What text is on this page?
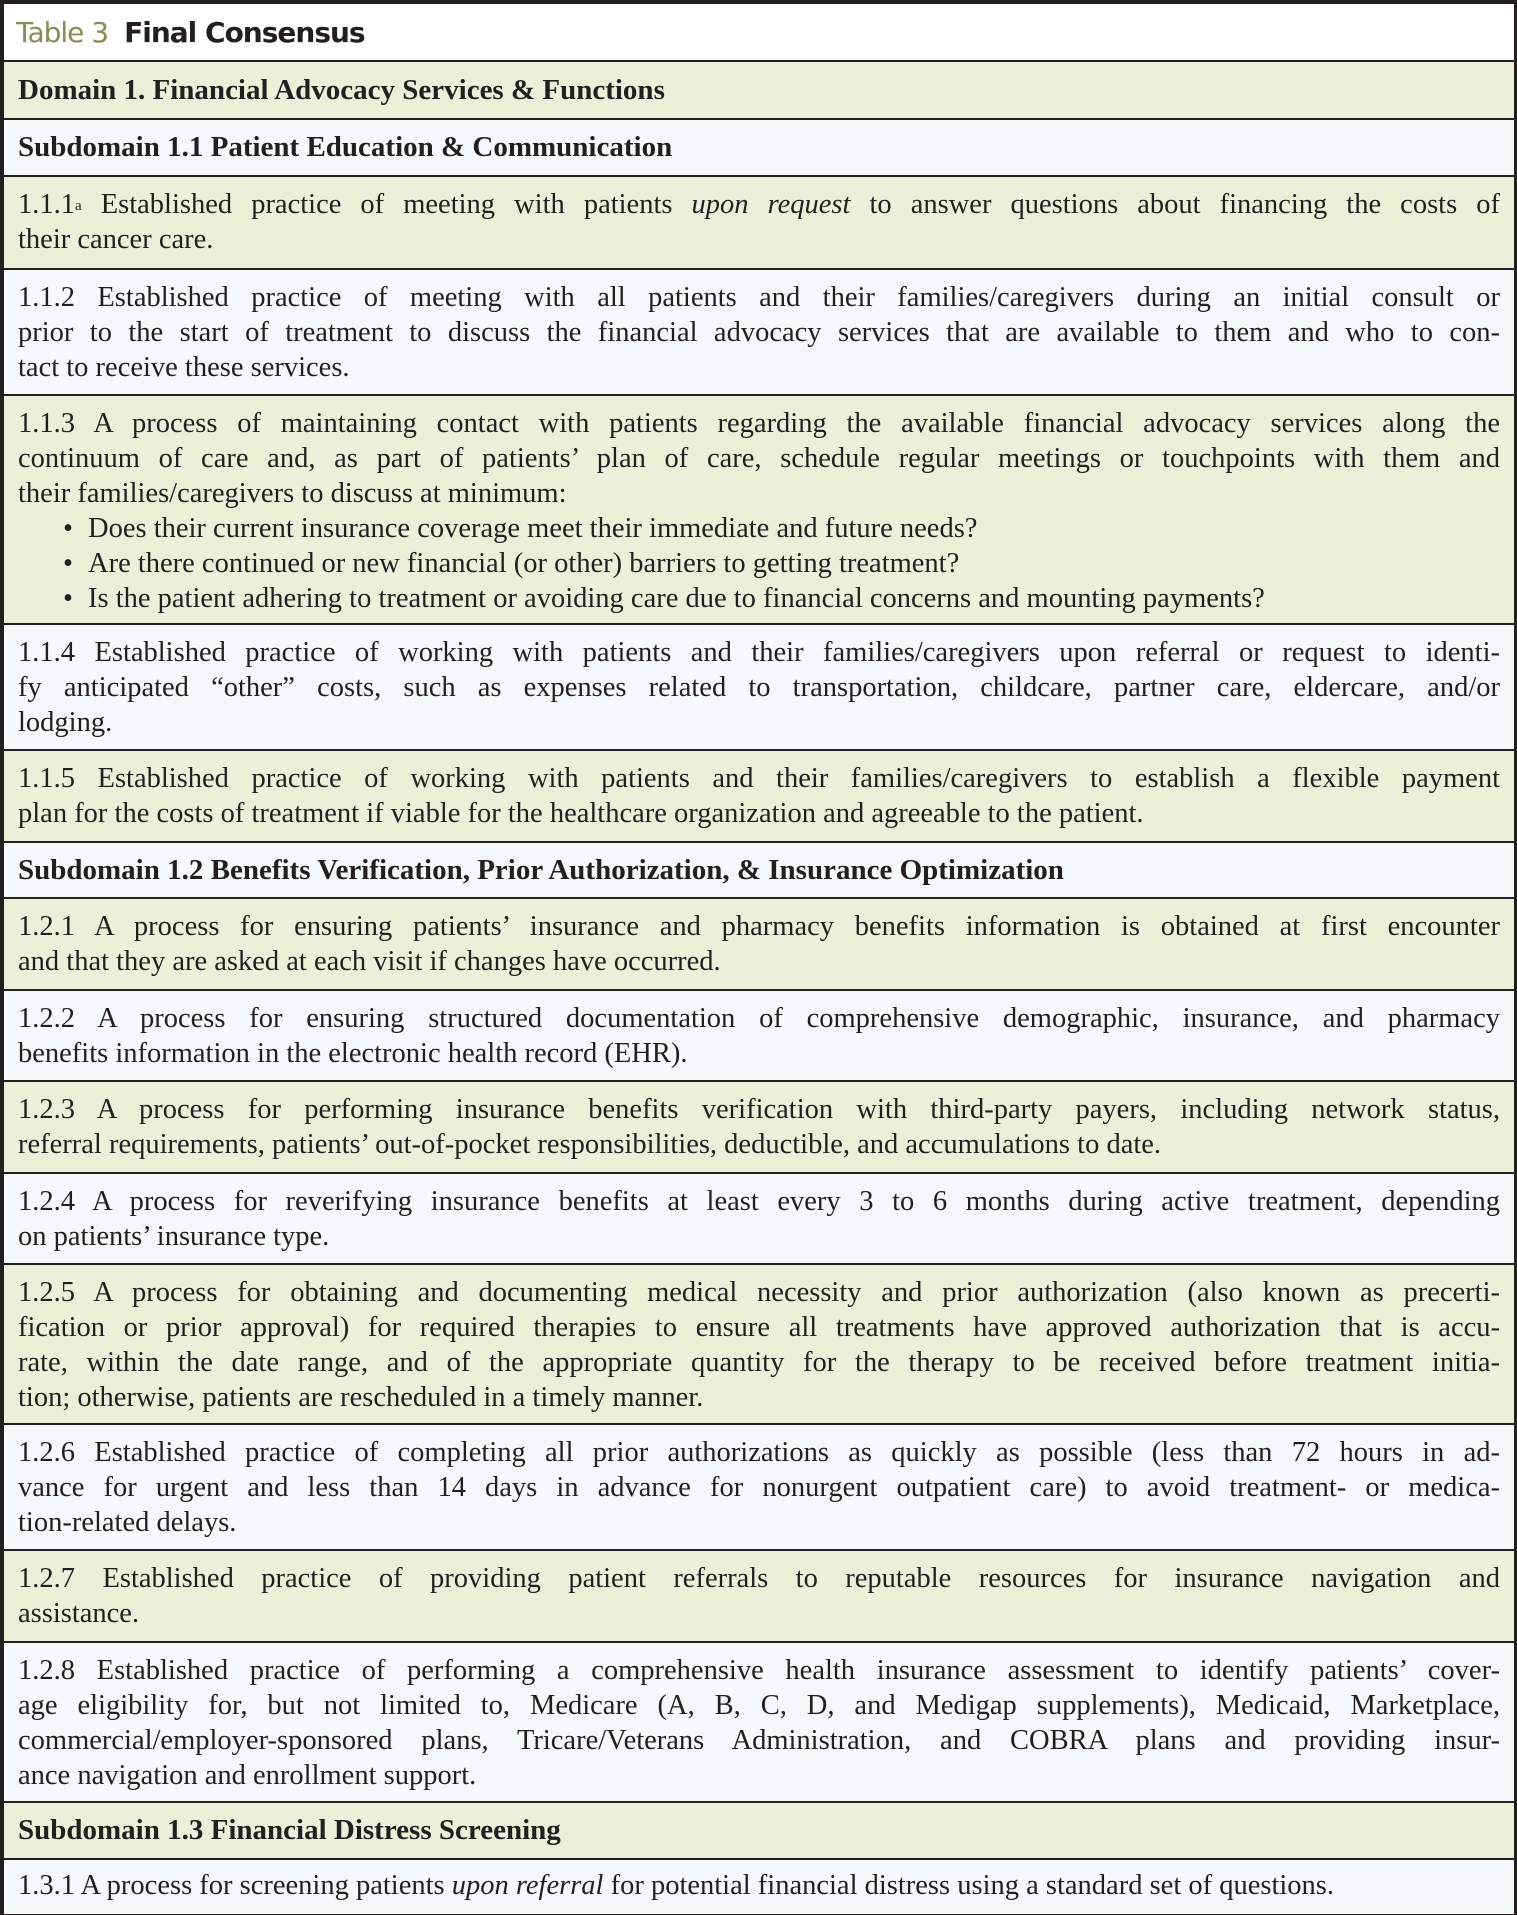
Table 3 Final Consensus
Domain 1. Financial Advocacy Services & Functions
Subdomain 1.1 Patient Education & Communication
1.1.1$^a$ Established practice of meeting with patients upon request to answer questions about financing the costs of
their cancer care.
1.1.2 Established practice of meeting with all patients and their families/caregivers during an initial consult or
prior to the start of treatment to discuss the financial advocacy services that are available to them and who to con-
tact to receive these services.
1.1.3 A process of maintaining contact with patients regarding the available financial advocacy services along the
continuum of care and, as part of patients’ plan of care, schedule regular meetings or touchpoints with them and
their families/caregivers to discuss at minimum:
• Does their current insurance coverage meet their immediate and future needs?
• Are there continued or new financial (or other) barriers to getting treatment?
• Is the patient adhering to treatment or avoiding care due to financial concerns and mounting payments?
1.1.4 Established practice of working with patients and their families/caregivers upon referral or request to identi-
fy anticipated “other” costs, such as expenses related to transportation, childcare, partner care, eldercare, and/or
lodging.
1.1.5 Established practice of working with patients and their families/caregivers to establish a flexible payment
plan for the costs of treatment if viable for the healthcare organization and agreeable to the patient.
Subdomain 1.2 Benefits Verification, Prior Authorization, & Insurance Optimization
1.2.1 A process for ensuring patients’ insurance and pharmacy benefits information is obtained at first encounter
and that they are asked at each visit if changes have occurred.
1.2.2 A process for ensuring structured documentation of comprehensive demographic, insurance, and pharmacy
benefits information in the electronic health record (EHR).
1.2.3 A process for performing insurance benefits verification with third-party payers, including network status,
referral requirements, patients’ out-of-pocket responsibilities, deductible, and accumulations to date.
1.2.4 A process for reverifying insurance benefits at least every 3 to 6 months during active treatment, depending
on patients’ insurance type.
1.2.5 A process for obtaining and documenting medical necessity and prior authorization (also known as precerti-
fication or prior approval) for required therapies to ensure all treatments have approved authorization that is accu-
rate, within the date range, and of the appropriate quantity for the therapy to be received before treatment initia-
tion; otherwise, patients are rescheduled in a timely manner.
1.2.6 Established practice of completing all prior authorizations as quickly as possible (less than 72 hours in ad-
vance for urgent and less than 14 days in advance for nonurgent outpatient care) to avoid treatment- or medica-
tion-related delays.
1.2.7 Established practice of providing patient referrals to reputable resources for insurance navigation and
assistance.
1.2.8 Established practice of performing a comprehensive health insurance assessment to identify patients’ cover-
age eligibility for, but not limited to, Medicare (A, B, C, D, and Medigap supplements), Medicaid, Marketplace,
commercial/employer-sponsored plans, Tricare/Veterans Administration, and COBRA plans and providing insur-
ance navigation and enrollment support.
Subdomain 1.3 Financial Distress Screening
1.3.1 A process for screening patients upon referral for potential financial distress using a standard set of questions.
